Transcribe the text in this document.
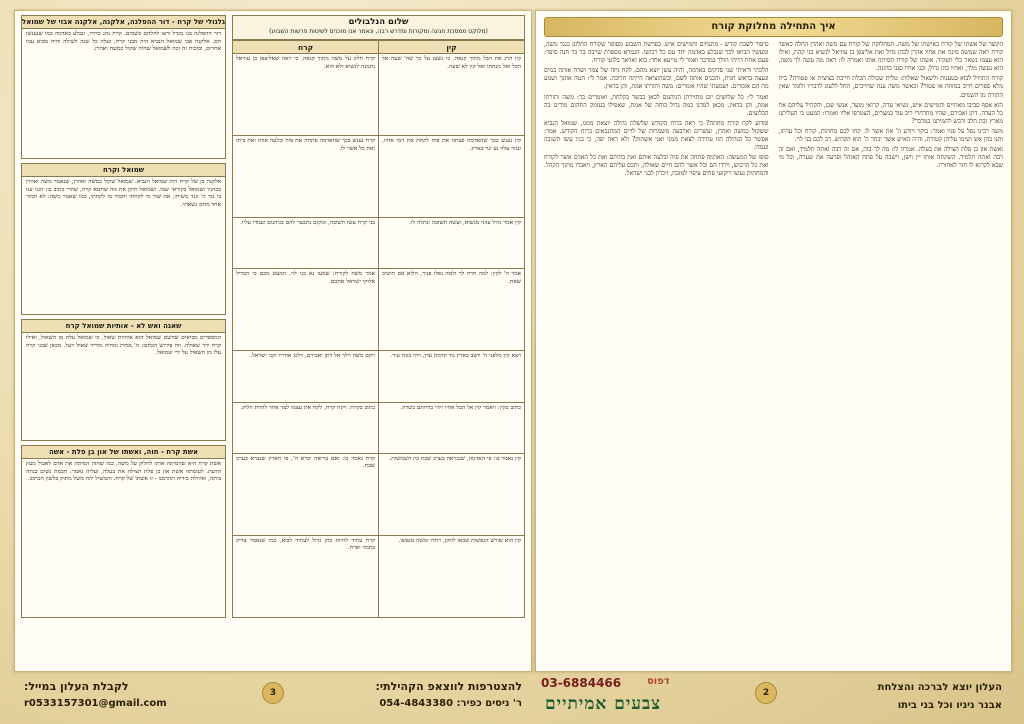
איך התחילה מחלוקת קורח

הקשר של אשתו של קורח באישתו של משה. המחלוקת של קורח עם משה ואהרן החלה כאשר קורח ראה שמשה מינה את אחיו אהרן לכהן גדול ואת אליצפן בן עוזיאל לנשיא בני קהת, ואילו הוא עצמו נשאר בלי תפקיד. אשתו של קורח הסיתה אותו ואמרה לו: ראה מה עשה לך משה, הוא נעשה מלך, ואחיו כהן גדול, ובני אחיו סגני כהונה.

קורח התחיל לבוא בטענות ולשאול שאלות: טלית שכולה תכלת חייבת בציצית או פטורה? בית מלא ספרים חייב במזוזה או פטור? וכאשר משה ענה שחייבים, החל ללעוג לדבריו ולומר שאין התורה מן השמים.

הוא אסף סביבו מאתיים וחמישים איש, נשיאי עדה, קרואי מועד, אנשי שם, והקהיל עליהם את כל העדה. דתן ואבירם, שהיו מחרחרי ריב עוד במצרים, הצטרפו אליו ואמרו: המעט כי העליתנו מארץ זבת חלב ודבש להמיתנו במדבר?

משה רבינו נפל על פניו ואמר: בוקר ויודע ה' את אשר לו. קחו לכם מחתות, קורח וכל עדתו, ותנו בהן אש ושימו עליהן קטורת. והיה האיש אשר יבחר ה' הוא הקדוש. רב לכם בני לוי.

ואשת און בן פלת הצילה את בעלה. אמרה לו: מה לך בזה, אם זה רבה ואתה תלמיד, ואם זה רבה ואתה תלמיד. השקתה אותו יין וישן, וישבה על פתח האוהל ופרעה את שערה, וכל מי שבא לקרוא לו חזר לאחוריו.

סיפור לשבת קודש - מתנחים וחמישים איש. בפרשת השבוע מסופר שקורח התלונן כנגד משה, ומעשיו הביאו לכך שנבלע באדמה יחד עם כל רכושו. הגמרא מספרת שרבה בר בר חנה סיפר: פעם אחת הייתי הולך במדבר ואמר לי טייעא אחד: בוא ואראך בלועי קורח.

הלכתי וראיתי שני סדקים באדמה, והיה עשן יוצא מהם. לקח גיזה של צמר ושרה אותה במים ונעצה בראש חנית, והכניס אותה לשם, וכשהוציאה הייתה חרוכה. אמר לי: הטה אוזנך ושמע מה הם אומרים. ושמעתי שהיו אומרים: משה ותורתו אמת, והן בדאין.

ואמר לי: כל שלושים יום מחזירתן הגיהנום לכאן כבשר בקלחת, ואומרים כך: משה ותורתו אמת, והן בדאין. מכאן למדנו כמה גדול כוחה של אמת, שאפילו בעומק התהום מודים בה הבלועים.

ומדוע לקח קורח מחתה? כי ראה ברוח הקודש שלשלת גדולה יוצאת ממנו, שמואל הנביא ששקול כמשה ואהרן, ועשרים וארבעה משמרות של לויים המתנבאים ברוח הקודש. אמר: אפשר כל הגדולה הזו עתידה לצאת ממני ואני אשתוק? ולא ראה יפה, כי בניו עשו תשובה ועמדו.

סופו של המעשה: האדמה פתחה את פיה ובלעה אותם ואת בתיהם ואת כל האדם אשר לקורח ואת כל הרכוש, וירדו הם וכל אשר להם חיים שאולה, ותכס עליהם הארץ, ויאבדו מתוך הקהל. והמחתות נעשו ריקועי פחים ציפוי למזבח, זיכרון לבני ישראל.

שלום הנלבולים
(מלוקט ממסכת חגיגה ומקורות ומדרש רבה, ונאמר אנו מוכנים לשיטות פרשות השבוע)
קין	קרח
קין הרג את הבל מתוך קנאה, כי נשען על כך שה' שעה אל הבל ואל מנחתו ואל קין לא שעה.	קרח חלק על משה מתוך קנאה, כי ראה שאליצפן בן עוזיאל נתמנה לנשיא ולא הוא.
קין נענש בכך שהאדמה פצתה את פיה לקחת את דמי אחיו, ונגזר עליו נע ונד בארץ.	קרח נענש בכך שהאדמה פתחה את פיה ובלעה אותו ואת ביתו ואת כל אשר לו.
קין אמר גדול עווני מנשוא, ועשה תשובה ונתלה לו.	בני קרח עשו תשובה, ומקום נתבצר להם בגיהנום ועמדו עליו.
אמר ה' לקין: למה חרה לך ולמה נפלו פניך, הלוא אם תיטיב שאת.	אמר משה לקורח: שמעו נא בני לוי, המעט מכם כי הבדיל אלוקי ישראל אתכם.
ויצא קין מלפני ה' וישב בארץ נוד קדמת עדן, ויהי בונה עיר.	ויקם משה וילך אל דתן ואבירם, וילכו אחריו זקני ישראל.
כתוב בקין: ויאמר קין אל הבל אחיו ויהי בהיותם בשדה.	כתוב בקרח: ויקח קרח, לקח את עצמו לצד אחד להיות חלוק.
קין נאמר בו: פי האדמה, שנבראה בערב שבת בין השמשות.	קרח נאמר בו: ואם בריאה יברא ה', פי הארץ שנברא בערב שבת.
קין הוא שורש הנפשות שבאו לתקן, ויתרו ומשה מנפשו.	קרח עתיד להיות כהן גדול לעתיד לבוא, כמו שנאמר צדיק כתמר יפרח.
גלגולי של קרח - דור ההפלגה, אלקנה, אלקנה אבוי של שמואל
דור ההפלגה בנו מגדל ורצו להלחם בשמים. קרח נהג כדורו, ונבלע באדמה כמו שנענשו הם. אלקנה אבי שמואל הנביא היה מבני קרח, ועלה כל שנה לשילה והיה מביא עמו אחרים, ובזכות זה זכה לשמואל שהיה שקול כמשה ואהרן.
שמואל וקרח
אלקנה בן של קרח היה שמואל הנביא. שמואל שקול כמשה ואהרן, שנאמר משה ואהרן בכהניו ושמואל בקוראי שמו. ושמואל תיקן את מה שחטא קרח, שהרי כתוב בו: הנני ענו בי נגד ה' ונגד משיחו, את שור מי לקחתי וחמור מי לקחתי, כמו שאמר משה: לא חמור אחד מהם נשאתי.
שאגה ואש לא - אותיות שמואל קרח
המספרים מביאים שהשם שמואל הוא אותיות שאול, כי שמואל עלה מן השאול, ואילו קרח ירד שאולה. וזה פירוש הכתוב: ה' ממית ומחיה מוריד שאול ויעל. מכאן שבני קרח עלו מן השאול על ידי שמואל.
אשת קרח - חוה, ואשתו של און בן פלת - אשה
אשת קרח היא שהסיתה אותו לחלוק על משה, כמו שחוה הסיתה את אדם לאכול מעץ הדעת. לעומתה אשת און בן פלת הצילה את בעלה, ועליה נאמר: חכמת נשים בנתה ביתה, ואיוולת בידיה תהרסנו - זו אשתו של קרח. והמשיל לזה משל מתוק בלשון הכתוב.
העלון יוצא לברכה והצלחת
אבנר ניניו וכל בני ביתו
2
03-6884466	דפוס
צבעים אמיתיים
להצטרפות לווצאפ הקהילתי:
ר' ניסים כפיר: 054-4843380
3
לקבלת העלון במייל:
r0533157301@gmail.com
